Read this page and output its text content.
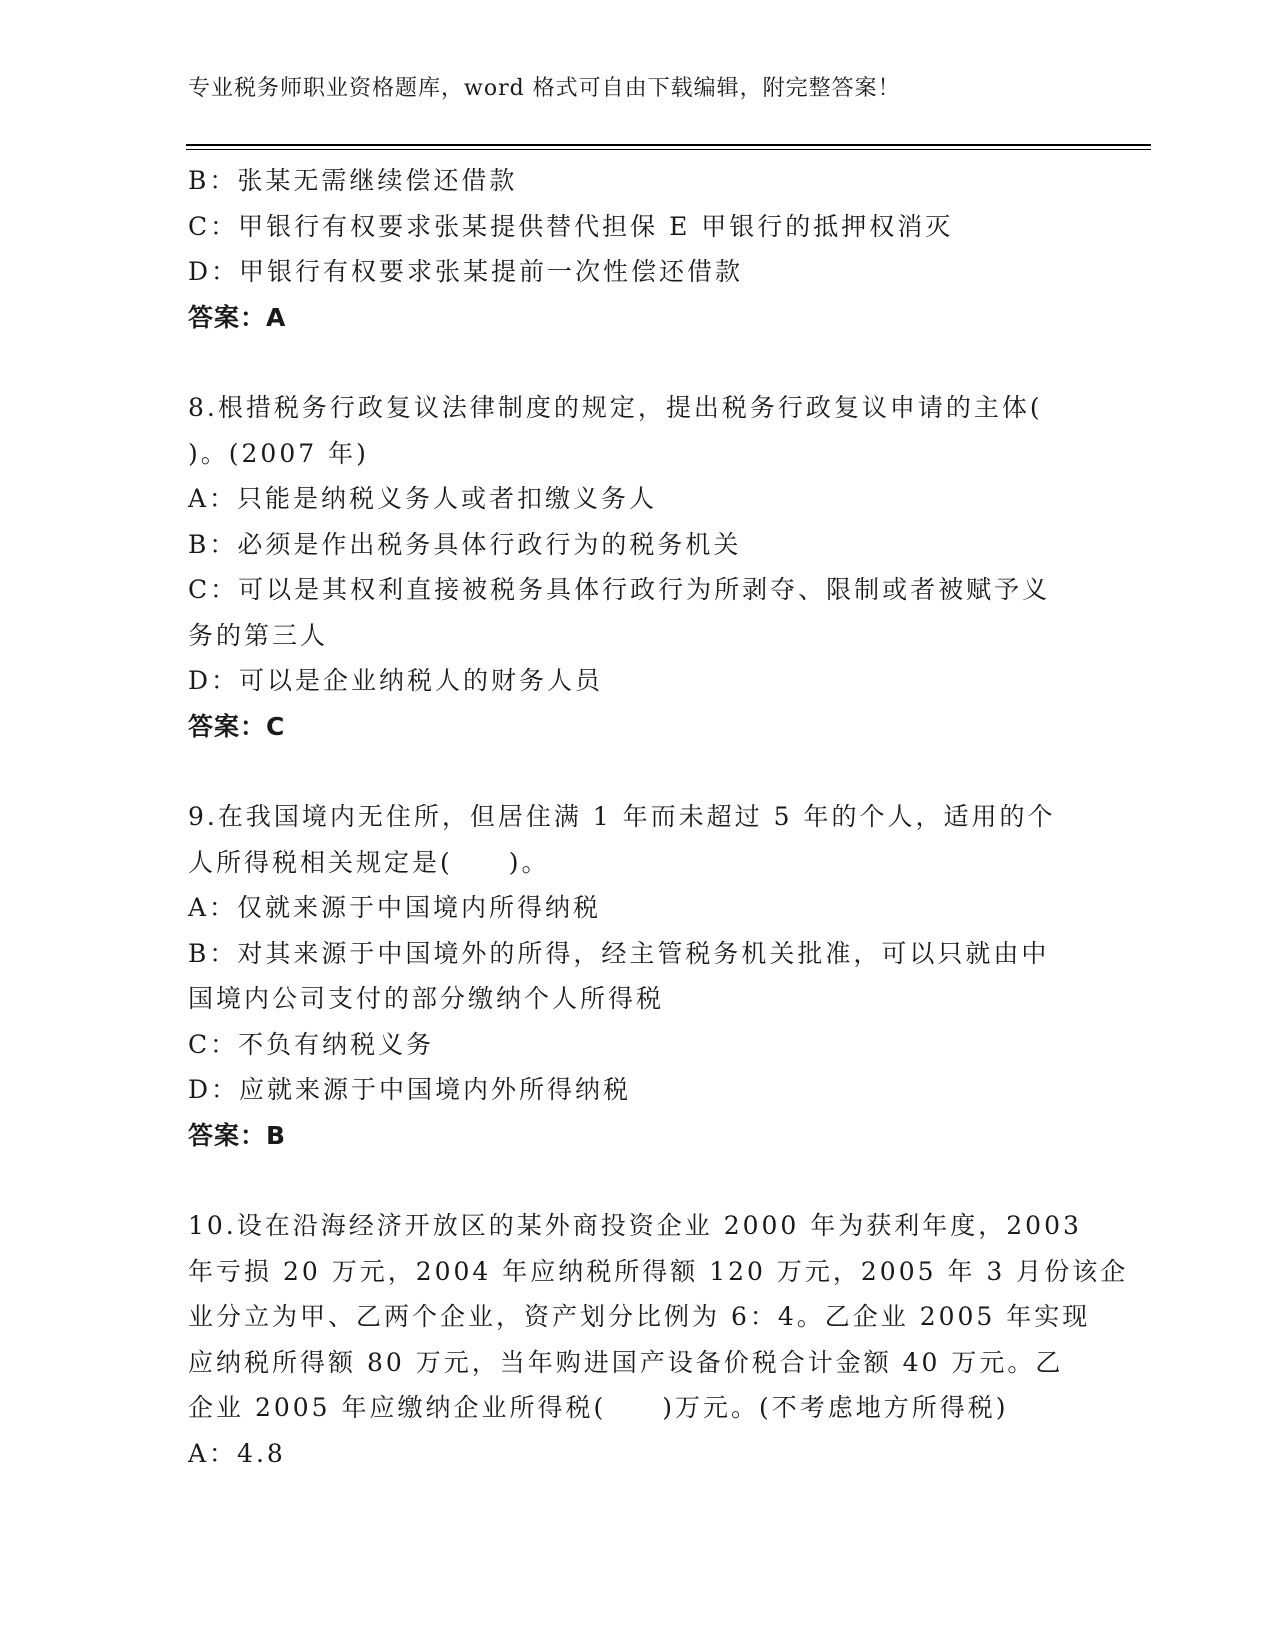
专业税务师职业资格题库，word 格式可自由下载编辑，附完整答案！
B：张某无需继续偿还借款
C：甲银行有权要求张某提供替代担保 E 甲银行的抵押权消灭
D：甲银行有权要求张某提前一次性偿还借款
答案：A
8.根措税务行政复议法律制度的规定，提出税务行政复议申请的主体(
)。(2007 年)
A：只能是纳税义务人或者扣缴义务人
B：必须是作出税务具体行政行为的税务机关
C：可以是其权利直接被税务具体行政行为所剥夺、限制或者被赋予义
务的第三人
D：可以是企业纳税人的财务人员
答案：C
9.在我国境内无住所，但居住满 1 年而未超过 5 年的个人，适用的个
人所得税相关规定是(　　)。
A：仅就来源于中国境内所得纳税
B：对其来源于中国境外的所得，经主管税务机关批准，可以只就由中
国境内公司支付的部分缴纳个人所得税
C：不负有纳税义务
D：应就来源于中国境内外所得纳税
答案：B
10.设在沿海经济开放区的某外商投资企业 2000 年为获利年度，2003
年亏损 20 万元，2004 年应纳税所得额 120 万元，2005 年 3 月份该企
业分立为甲、乙两个企业，资产划分比例为 6：4。乙企业 2005 年实现
应纳税所得额 80 万元，当年购进国产设备价税合计金额 40 万元。乙
企业 2005 年应缴纳企业所得税(　　)万元。(不考虑地方所得税)
A：4.8
